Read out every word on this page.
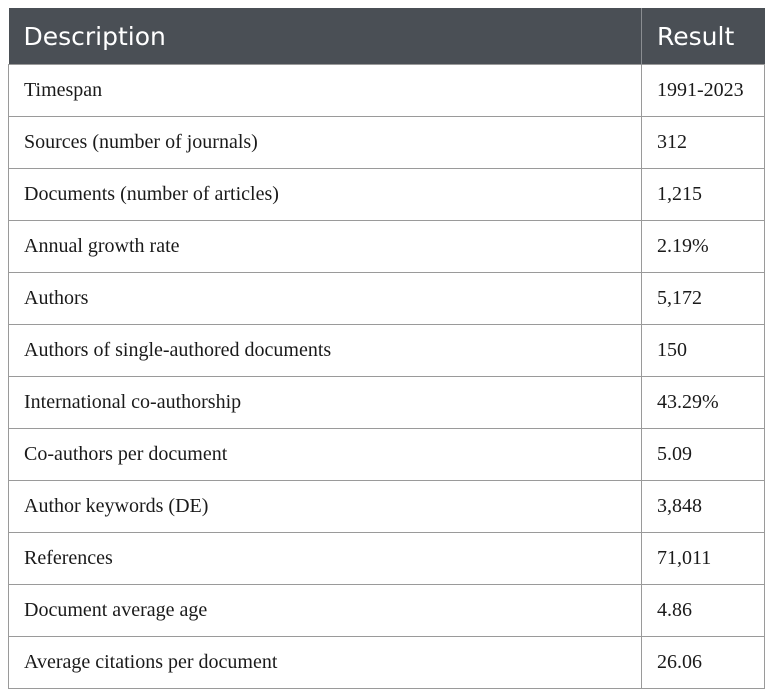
Description	Result
Timespan	1991-2023
Sources (number of journals)	312
Documents (number of articles)	1,215
Annual growth rate	2.19%
Authors	5,172
Authors of single-authored documents	150
International co-authorship	43.29%
Co-authors per document	5.09
Author keywords (DE)	3,848
References	71,011
Document average age	4.86
Average citations per document	26.06
